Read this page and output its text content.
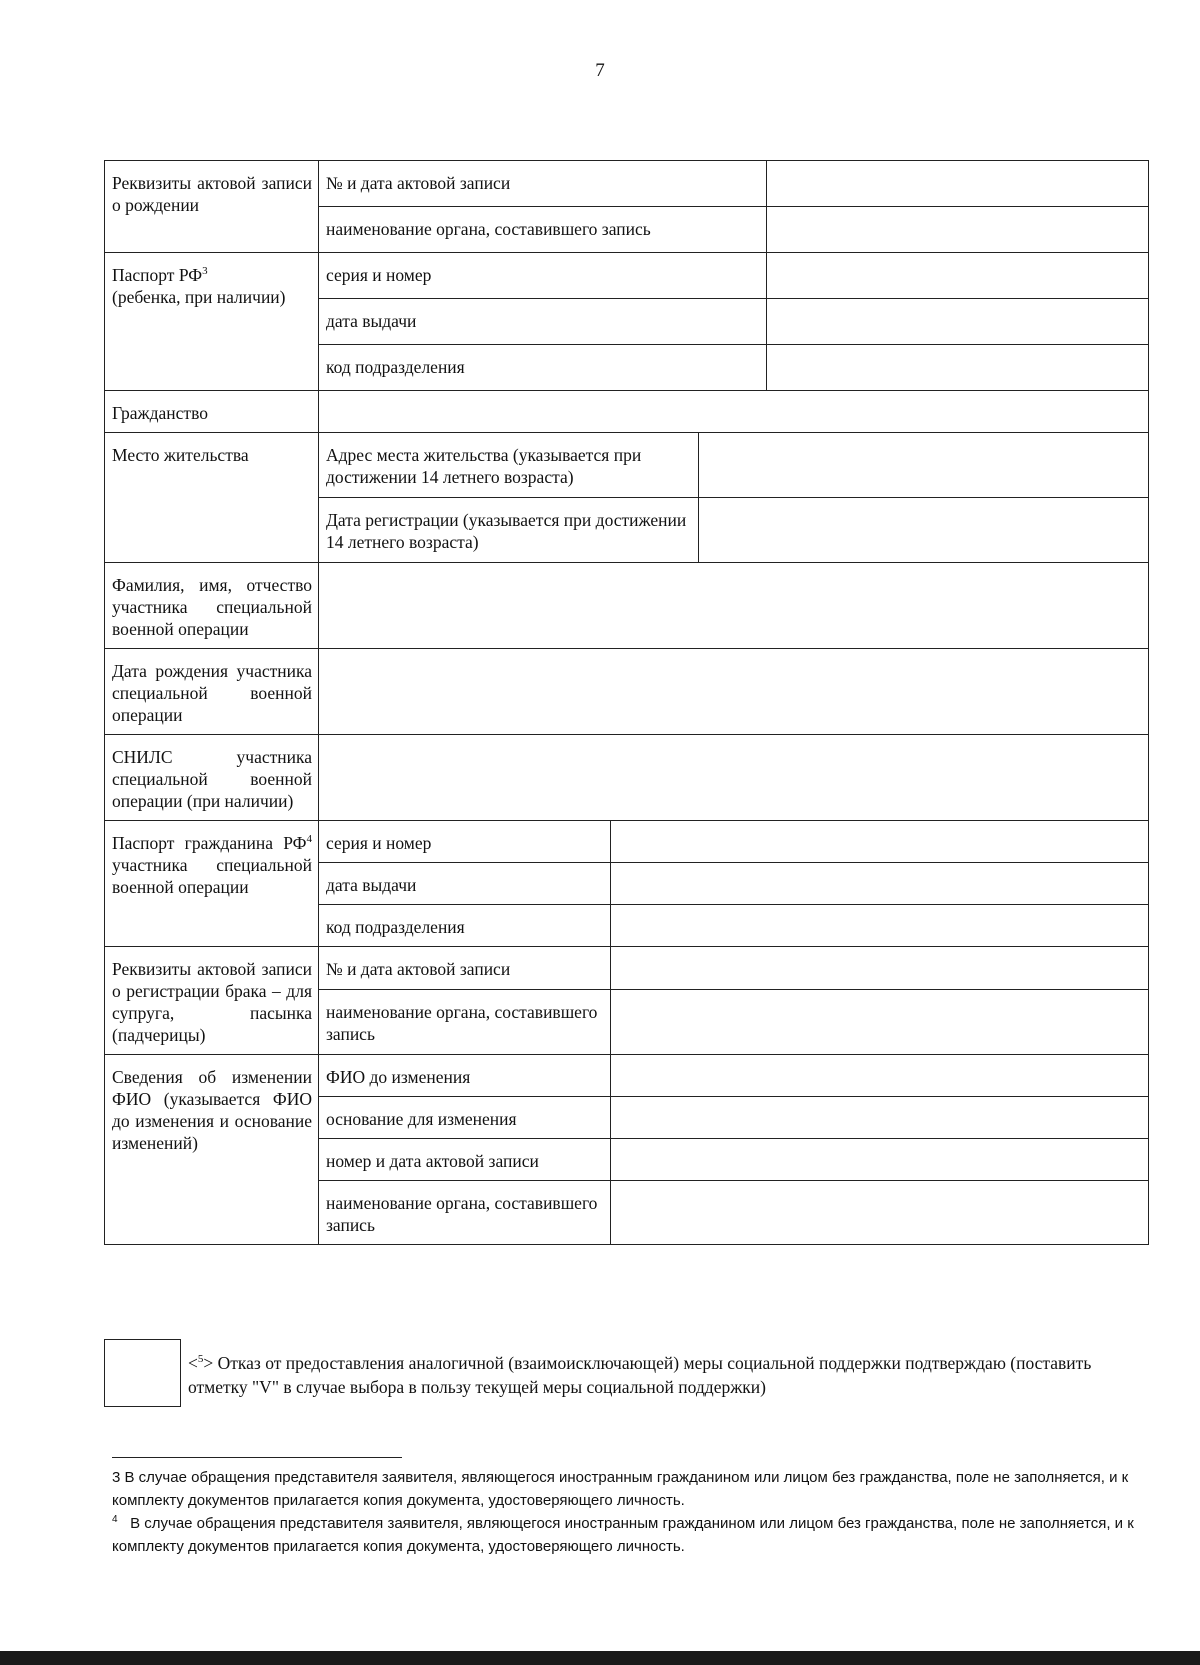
7
Реквизиты актовой записи о рождении	№ и дата актовой записи			
	наименование органа, составившего запись			
Паспорт $РФ^3$
(ребенка, при наличии)	серия и номер			
	дата выдачи			
	код подразделения			
Гражданство				
Место жительства	Адрес места жительства (указывается при достижении 14 летнего возраста)			
	Дата регистрации (указывается при достижении 14 летнего возраста)			
Фамилия, имя, отчество участника специальной военной операции				
Дата рождения участника специальной военной операции				
СНИЛС участника специальной военной операции (при наличии)				
Паспорт гражданина $РФ^4$ участника специальной военной операции	серия и номер			
	дата выдачи			
	код подразделения			
Реквизиты актовой записи о регистрации брака – для супруга, пасынка (падчерицы)	№ и дата актовой записи			
	наименование органа, составившего запись			
Сведения об изменении ФИО (указывается ФИО до изменения и основание изменений)	ФИО до изменения			
	основание для изменения			
	номер и дата актовой записи			
	наименование органа, составившего запись			
<$^5$> Отказ от предоставления аналогичной (взаимоисключающей) меры социальной поддержки подтверждаю (поставить отметку "V" в случае выбора в пользу текущей меры социальной поддержки)

3 В случае обращения представителя заявителя, являющегося иностранным гражданином или лицом без гражданства, поле не заполняется, и к комплекту документов прилагается копия документа, удостоверяющего личность.

$^4$ В случае обращения представителя заявителя, являющегося иностранным гражданином или лицом без гражданства, поле не заполняется, и к комплекту документов прилагается копия документа, удостоверяющего личность.
